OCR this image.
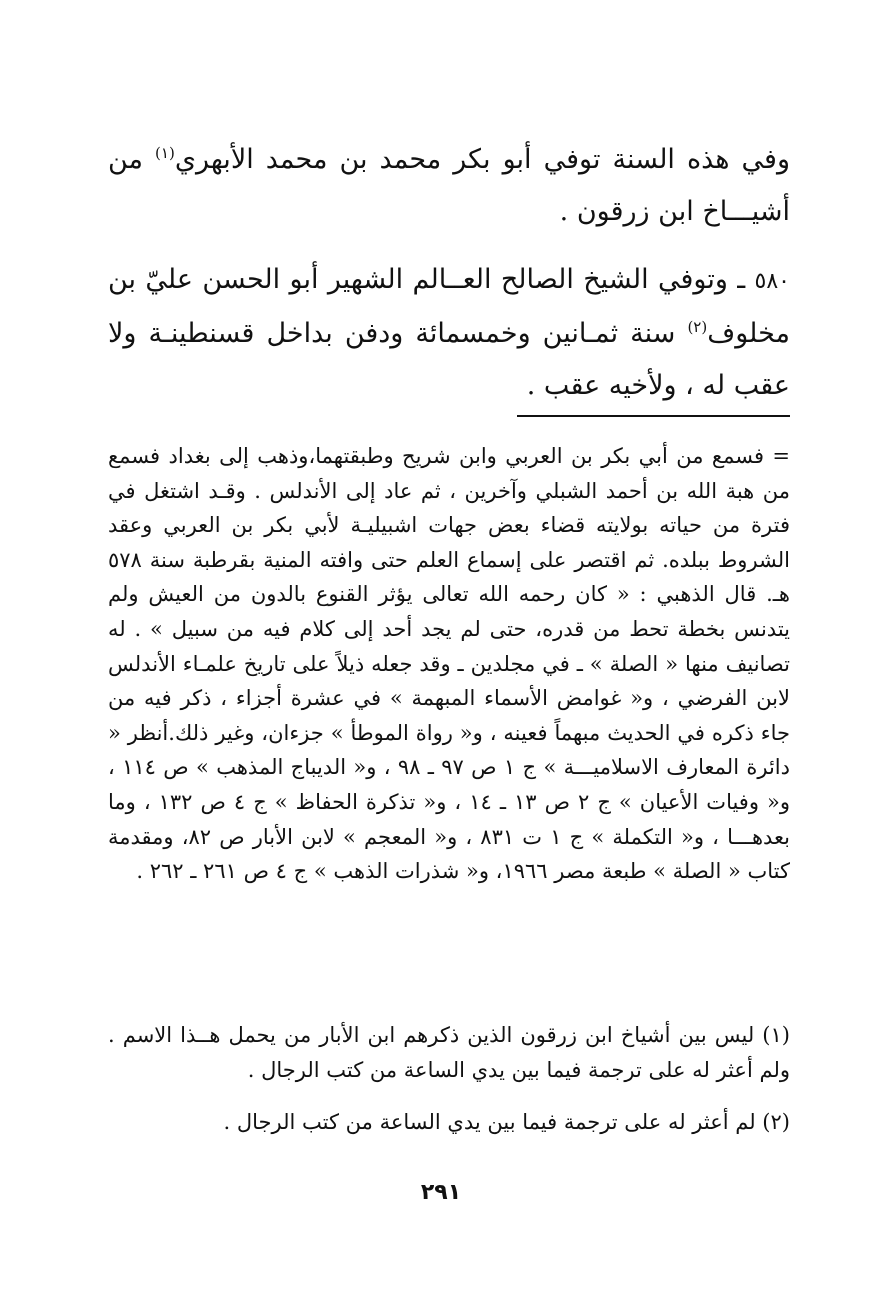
وفي هذه السنة توفي أبو بكر محمد بن محمد الأبهري$^{(١)}$ من أشيـــاخ ابن زرقون .

٥٨٠ ـ وتوفي الشيخ الصالح العــالم الشهير أبو الحسن عليّ بن مخلوف$^{(٢)}$ سنة ثمـانين وخمسمائة ودفن بداخل قسنطينـة ولا عقب له ، ولأخيه عقب .

= فسمع من أبي بكر بن العربي وابن شريح وطبقتهما،وذهب إلى بغداد فسمع من هبة الله بن أحمد الشبلي وآخرين ، ثم عاد إلى الأندلس . وقـد اشتغل في فترة من حياته بولايته قضاء بعض جهات اشبيليـة لأبي بكر بن العربي وعقد الشروط ببلده. ثم اقتصر على إسماع العلم حتى وافته المنية بقرطبة سنة ٥٧٨ هـ. قال الذهبي : « كان رحمه الله تعالى يؤثر القنوع بالدون من العيش ولم يتدنس بخطة تحط من قدره، حتى لم يجد أحد إلى كلام فيه من سبيل » . له تصانيف منها « الصلة » ـ في مجلدين ـ وقد جعله ذيلاً على تاريخ علمـاء الأندلس لابن الفرضي ، و« غوامض الأسماء المبهمة » في عشرة أجزاء ، ذكر فيه من جاء ذكره في الحديث مبهماً فعينه ، و« رواة الموطأ » جزءان، وغير ذلك.أنظر « دائرة المعارف الاسلاميـــة » ج ١ ص ٩٧ ـ ٩٨ ، و« الديباج المذهب » ص ١١٤ ، و« وفيات الأعيان » ج ٢ ص ١٣ ـ ١٤ ، و« تذكرة الحفاظ » ج ٤ ص ١٣٢ ، وما بعدهـــا ، و« التكملة » ج ١ ت ٨٣١ ، و« المعجم » لابن الأبار ص ٨٢، ومقدمة كتاب « الصلة » طبعة مصر ١٩٦٦، و« شذرات الذهب » ج ٤ ص ٢٦١ ـ ٢٦٢ .

(١) ليس بين أشياخ ابن زرقون الذين ذكرهم ابن الأبار من يحمل هــذا الاسم . ولم أعثر له على ترجمة فيما بين يدي الساعة من كتب الرجال .

(٢) لم أعثر له على ترجمة فيما بين يدي الساعة من كتب الرجال .

٢٩١
